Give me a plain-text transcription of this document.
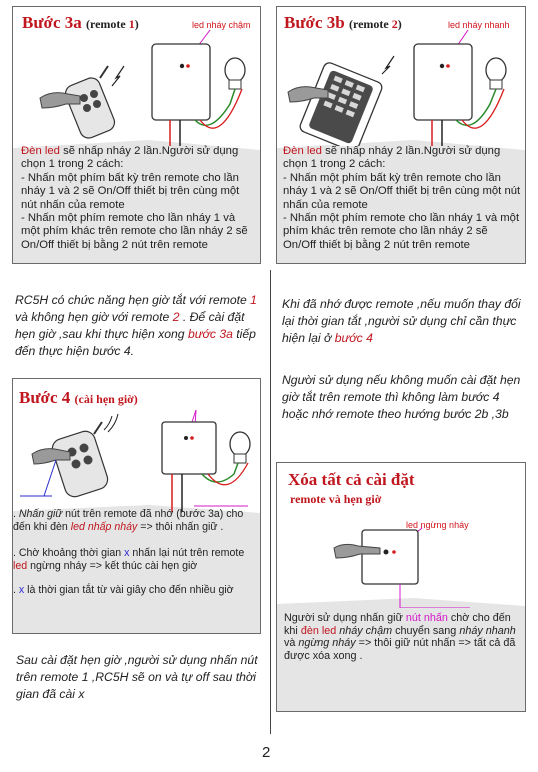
Bước 3a (remote 1)	led nháy chậm
Đèn led sẽ nhấp nháy 2 lần.Người sử dụng chọn 1 trong 2 cách:
- Nhấn một phím bất kỳ trên remote cho lần nháy 1 và 2 sẽ On/Off thiết bị trên cùng một nút nhấn của remote
- Nhấn một phím remote cho lần nháy 1 và một phím khác trên remote cho lần nháy 2 sẽ On/Off thiết bị bằng 2 nút trên remote
Bước 3b (remote 2)	led nháy nhanh
Đèn led sẽ nhấp nháy 2 lần.Người sử dụng chọn 1 trong 2 cách:
- Nhấn một phím bất kỳ trên remote cho lần nháy 1 và 2 sẽ On/Off thiết bị trên cùng một nút nhấn của remote
- Nhấn một phím remote cho lần nháy 1 và một phím khác trên remote cho lần nháy 2 sẽ On/Off thiết bị bằng 2 nút trên remote
RC5H có chức năng hẹn giờ tắt với remote 1 và không hẹn giờ với remote 2 . Để cài đặt hẹn giờ ,sau khi thực hiện xong bước 3a tiếp đến thực hiện bước 4.
Khi đã nhớ được remote ,nếu muốn thay đổi lại thời gian tắt ,người sử dụng chỉ cần thực hiện lại ở bước 4
Người sử dụng nếu không muốn cài đặt hẹn giờ tắt trên remote thì không làm bước 4 hoặc nhớ remote theo hướng bước 2b ,3b
Bước 4 (cài hẹn giờ)
. Nhấn giữ nút trên remote đã nhớ (bước 3a) cho đến khi đèn led nhấp nháy => thôi nhấn giữ .
. Chờ khoảng thời gian x nhấn lại nút trên remote led ngừng nháy => kết thúc cài hẹn giờ
. x là thời gian tắt từ vài giây cho đến nhiều giờ
Sau cài đặt hẹn giờ ,người sử dụng nhấn nút trên remote 1 ,RC5H sẽ on và tự off sau thời gian đã cài x
Xóa tất cả cài đặt
remote và hẹn giờ
led ngừng nháy
Người sử dụng nhấn giữ nút nhấn chờ cho đến khi đèn led nháy chậm chuyển sang nháy nhanh và ngừng nháy => thôi giữ nút nhấn => tất cả đã được xóa xong .
2
